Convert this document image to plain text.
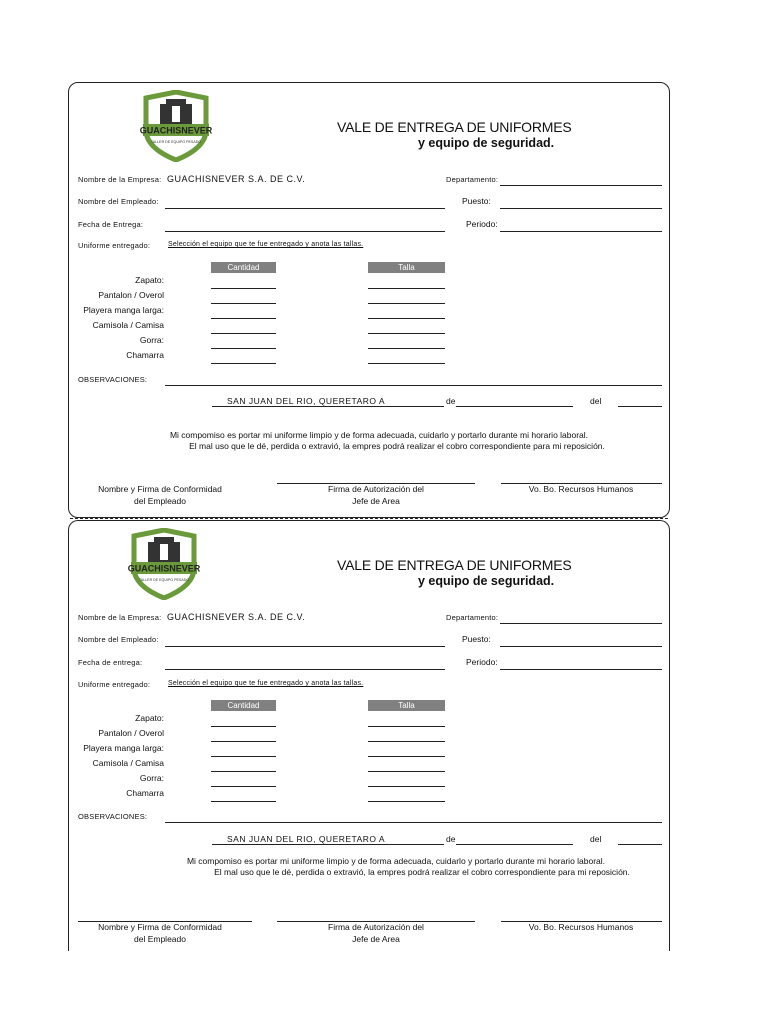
GUACHISNEVER
TALLER DE EQUIPO PESADO
VALE DE ENTREGA DE UNIFORMES
y equipo de seguridad.
Nombre de la Empresa: GUACHISNEVER S.A. DE C.V.	Departamento:
Nombre del Empleado:	Puesto:
Fecha de Entrega:	Periodo:
Uniforme entregado:	Selección el equipo que te fue entregado y anota las tallas.
Cantidad	Talla
Zapato:
Pantalon / Overol
Playera manga larga:
Camisola / Camisa
Gorra:
Chamarra
OBSERVACIONES:
SAN JUAN DEL RIO, QUERETARO A	de	del
Mi compomiso es portar mi uniforme limpio y de forma adecuada, cuidarlo y portarlo durante mi horario laboral.
El mal uso que le dé, perdida o extravió, la empres podrá realizar el cobro correspondiente para mi reposición.
Nombre y Firma de Conformidad
del Empleado
Firma de Autorización del
Jefe de Area
Vo. Bo. Recursos Humanos
GUACHISNEVER
TALLER DE EQUIPO PESADO
VALE DE ENTREGA DE UNIFORMES
y equipo de seguridad.
Nombre de la Empresa: GUACHISNEVER S.A. DE C.V.	Departamento:
Nombre del Empleado:	Puesto:
Fecha de entrega:	Periodo:
Uniforme entregado:	Selección el equipo que te fue entregado y anota las tallas.
Cantidad	Talla
Zapato:
Pantalon / Overol
Playera manga larga:
Camisola / Camisa
Gorra:
Chamarra
OBSERVACIONES:
SAN JUAN DEL RIO, QUERETARO A	de	del
Mi compomiso es portar mi uniforme limpio y de forma adecuada, cuidarlo y portarlo durante mi horario laboral.
El mal uso que le dé, perdida o extravió, la empres podrá realizar el cobro correspondiente para mi reposición.
Nombre y Firma de Conformidad
del Empleado
Firma de Autorización del
Jefe de Area
Vo. Bo. Recursos Humanos
